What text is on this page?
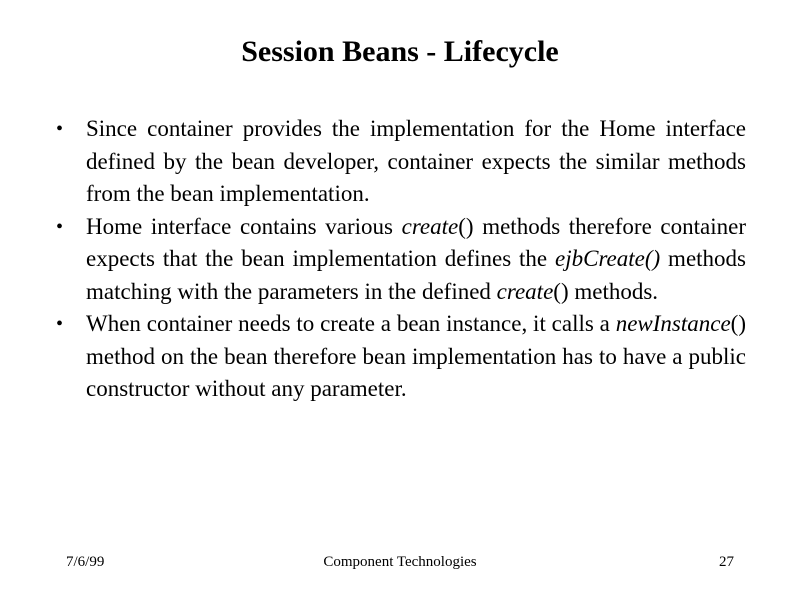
Session Beans - Lifecycle
• Since container provides the implementation for the Home interface defined by the bean developer, container expects the similar methods from the bean implementation.
• Home interface contains various create() methods therefore container expects that the bean implementation defines the ejbCreate() methods matching with the parameters in the defined create() methods.
• When container needs to create a bean instance, it calls a newInstance() method on the bean therefore bean implementation has to have a public constructor without any parameter.
7/6/99	Component Technologies	27
